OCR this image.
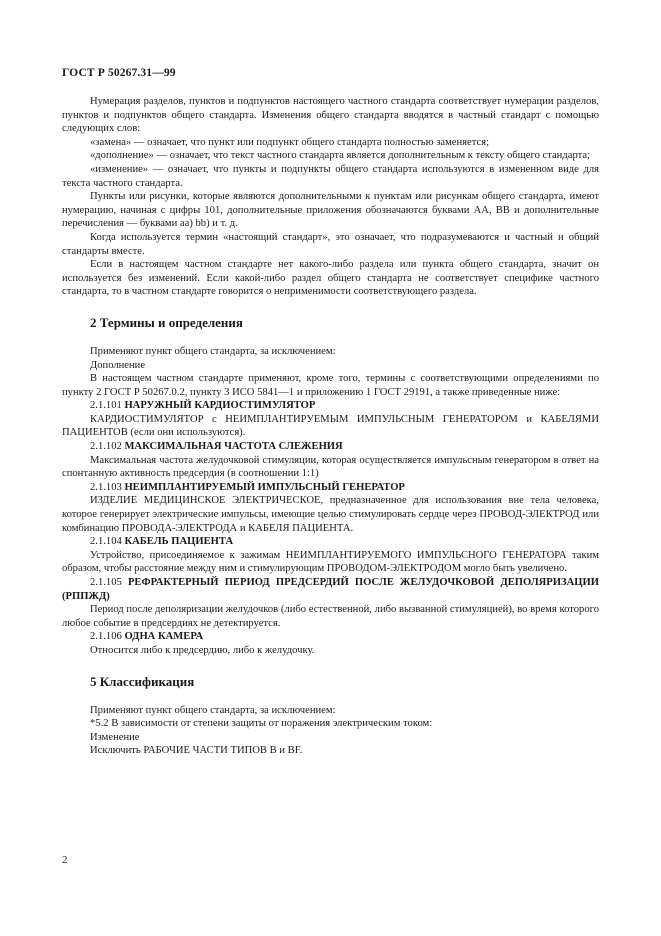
ГОСТ Р 50267.31—99

Нумерация разделов, пунктов и подпунктов настоящего частного стандарта соответствует нумерации разделов, пунктов и подпунктов общего стандарта. Изменения общего стандарта вводятся в частный стандарт с помощью следующих слов:

«замена» — означает, что пункт или подпункт общего стандарта полностью заменяется;

«дополнение» — означает, что текст частного стандарта является дополнительным к тексту общего стандарта;

«изменение» — означает, что пункты и подпункты общего стандарта используются в измененном виде для текста частного стандарта.

Пункты или рисунки, которые являются дополнительными к пунктам или рисункам общего стандарта, имеют нумерацию, начиная с цифры 101, дополнительные приложения обозначаются буквами АА, ВВ и дополнительные перечисления — буквами аа) bb) и т. д.

Когда используется термин «настоящий стандарт», это означает, что подразумеваются и частный и общий стандарты вместе.

Если в настоящем частном стандарте нет какого-либо раздела или пункта общего стандарта, значит он используется без изменений. Если какой-либо раздел общего стандарта не соответствует специфике частного стандарта, то в частном стандарте говорится о неприменимости соответствующего раздела.

2 Термины и определения

Применяют пункт общего стандарта, за исключением:

Дополнение

В настоящем частном стандарте применяют, кроме того, термины с соответствующими определениями по пункту 2 ГОСТ Р 50267.0.2, пункту 3 ИСО 5841—1 и приложению 1 ГОСТ 29191, а также приведенные ниже:

2.1.101 НАРУЖНЫЙ КАРДИОСТИМУЛЯТОР

КАРДИОСТИМУЛЯТОР с НЕИМПЛАНТИРУЕМЫМ ИМПУЛЬСНЫМ ГЕНЕРАТОРОМ и КАБЕЛЯМИ ПАЦИЕНТОВ (если они используются).

2.1.102 МАКСИМАЛЬНАЯ ЧАСТОТА СЛЕЖЕНИЯ

Максимальная частота желудочковой стимуляции, которая осуществляется импульсным генератором в ответ на спонтанную активность предсердия (в соотношении 1:1)

2.1.103 НЕИМПЛАНТИРУЕМЫЙ ИМПУЛЬСНЫЙ ГЕНЕРАТОР

ИЗДЕЛИЕ МЕДИЦИНСКОЕ ЭЛЕКТРИЧЕСКОЕ, предназначенное для использования вне тела человека, которое генерирует электрические импульсы, имеющие целью стимулировать сердце через ПРОВОД-ЭЛЕКТРОД или комбинацию ПРОВОДА-ЭЛЕКТРОДА и КАБЕЛЯ ПАЦИЕНТА.

2.1.104 КАБЕЛЬ ПАЦИЕНТА

Устройство, присоединяемое к зажимам НЕИМПЛАНТИРУЕМОГО ИМПУЛЬСНОГО ГЕНЕРАТОРА таким образом, чтобы расстояние между ним и стимулирующим ПРОВОДОМ-ЭЛЕКТРОДОМ могло быть увеличено.

2.1.105 РЕФРАКТЕРНЫЙ ПЕРИОД ПРЕДСЕРДИЙ ПОСЛЕ ЖЕЛУДОЧКОВОЙ ДЕПОЛЯРИЗАЦИИ (РППЖД)

Период после деполяризации желудочков (либо естественной, либо вызванной стимуляцией), во время которого любое событие в предсердиях не детектируется.

2.1.106 ОДНА КАМЕРА

Относится либо к предсердию, либо к желудочку.

5 Классификация

Применяют пункт общего стандарта, за исключением:

*5.2 В зависимости от степени защиты от поражения электрическим током:

Изменение

Исключить РАБОЧИЕ ЧАСТИ ТИПОВ В и BF.

2
